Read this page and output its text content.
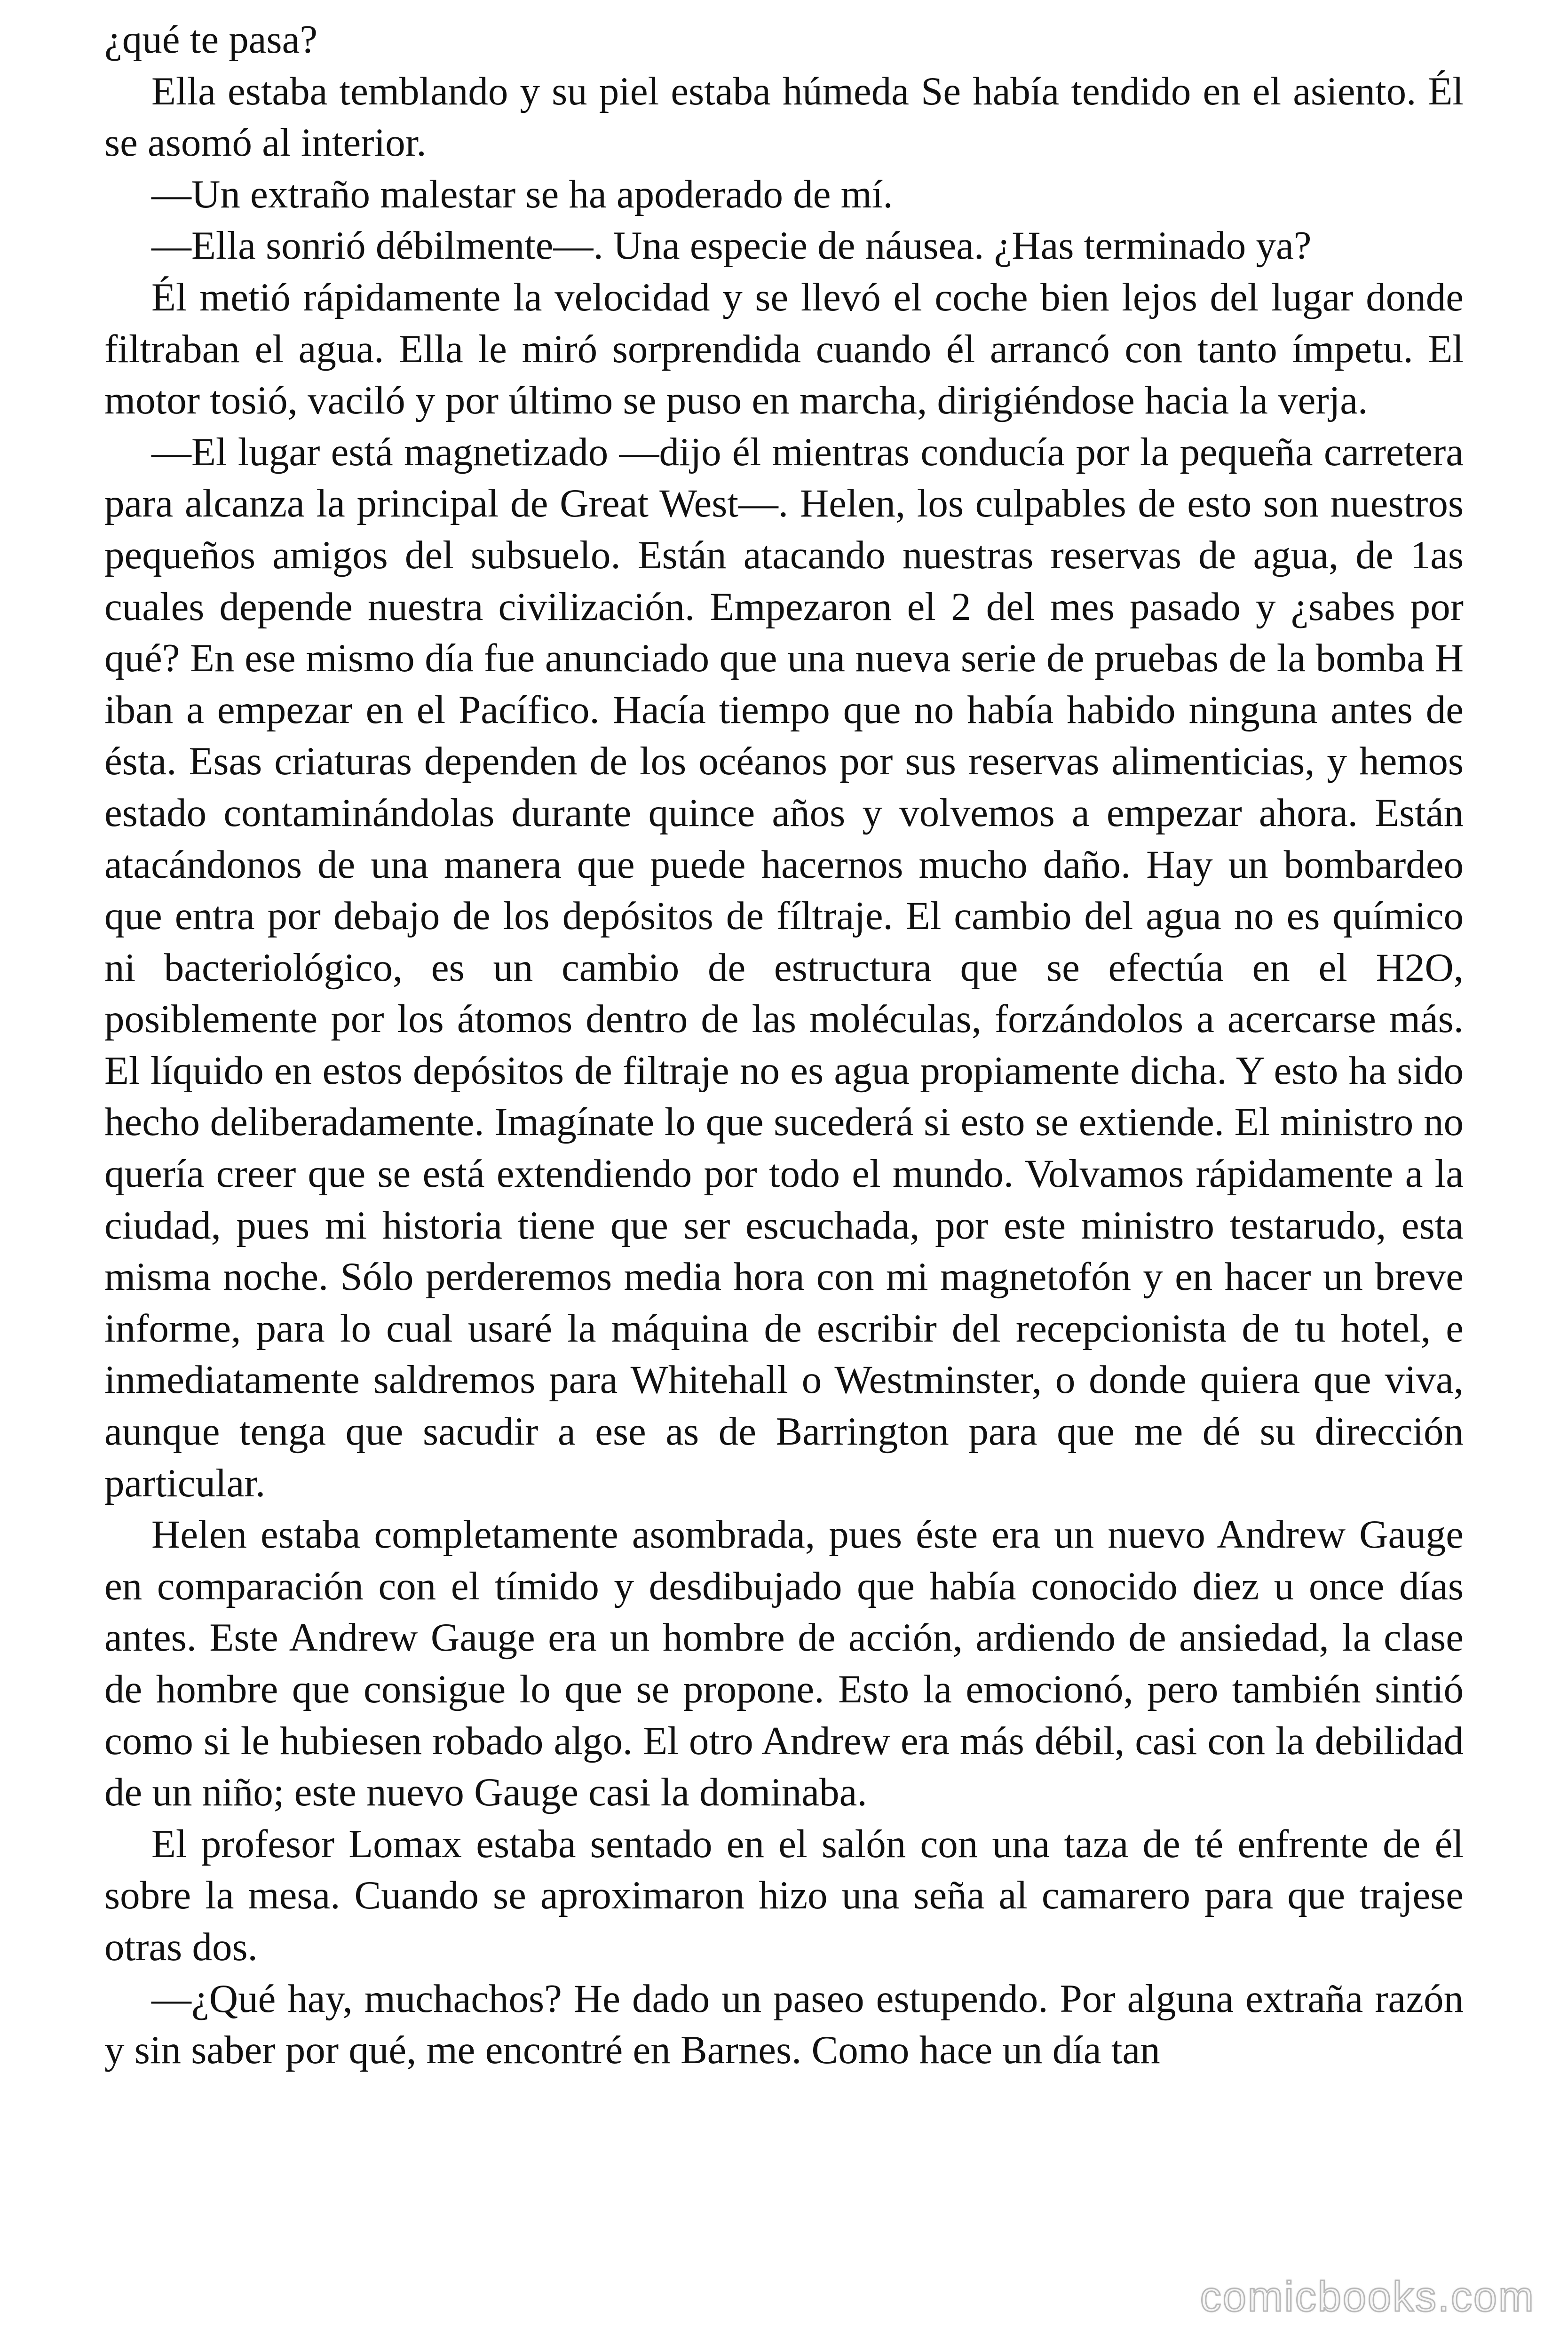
¿qué te pasa?

Ella estaba temblando y su piel estaba húmeda Se había tendido en el asiento. Él se asomó al interior.

—Un extraño malestar se ha apoderado de mí.

—Ella sonrió débilmente—. Una especie de náusea. ¿Has terminado ya?

Él metió rápidamente la velocidad y se llevó el coche bien lejos del lugar donde filtraban el agua. Ella le miró sorprendida cuando él arrancó con tanto ímpetu. El motor tosió, vaciló y por último se puso en marcha, dirigiéndose hacia la verja.

—El lugar está magnetizado —dijo él mientras conducía por la pequeña carretera para alcanza la principal de Great West—. Helen, los culpables de esto son nuestros pequeños amigos del subsuelo. Están atacando nuestras reservas de agua, de 1as cuales depende nuestra civilización. Empezaron el 2 del mes pasado y ¿sabes por qué? En ese mismo día fue anunciado que una nueva serie de pruebas de la bomba H iban a empezar en el Pacífico. Hacía tiempo que no había habido ninguna antes de ésta. Esas criaturas dependen de los océanos por sus reservas alimenticias, y hemos estado contaminándolas durante quince años y volvemos a empezar ahora. Están atacándonos de una manera que puede hacernos mucho daño. Hay un bombardeo que entra por debajo de los depósitos de fíltraje. El cambio del agua no es químico ni bacteriológico, es un cambio de estructura que se efectúa en el H2O, posiblemente por los átomos dentro de las moléculas, forzándolos a acercarse más. El líquido en estos depósitos de filtraje no es agua propiamente dicha. Y esto ha sido hecho deliberadamente. Imagínate lo que sucederá si esto se extiende. El ministro no quería creer que se está extendiendo por todo el mundo. Volvamos rápidamente a la ciudad, pues mi historia tiene que ser escuchada, por este ministro testarudo, esta misma noche. Sólo perderemos media hora con mi magnetofón y en hacer un breve informe, para lo cual usaré la máquina de escribir del recepcionista de tu hotel, e inmediatamente saldremos para Whitehall o Westminster, o donde quiera que viva, aunque tenga que sacudir a ese as de Barrington para que me dé su dirección particular.

Helen estaba completamente asombrada, pues éste era un nuevo Andrew Gauge en comparación con el tímido y desdibujado que había conocido diez u once días antes. Este Andrew Gauge era un hombre de acción, ardiendo de ansiedad, la clase de hombre que consigue lo que se propone. Esto la emocionó, pero también sintió como si le hubiesen robado algo. El otro Andrew era más débil, casi con la debilidad de un niño; este nuevo Gauge casi la dominaba.

El profesor Lomax estaba sentado en el salón con una taza de té enfrente de él sobre la mesa. Cuando se aproximaron hizo una seña al camarero para que trajese otras dos.

—¿Qué hay, muchachos? He dado un paseo estupendo. Por alguna extraña razón y sin saber por qué, me encontré en Barnes. Como hace un día tan

comicbooks.com
